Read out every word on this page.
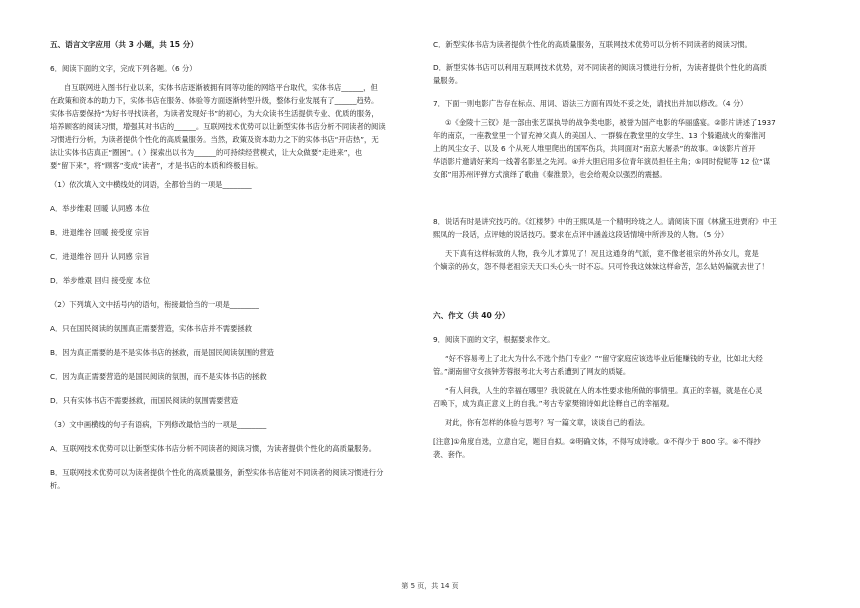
五、语言文字应用（共 3 小题，共 15 分）
6．阅读下面的文字，完成下列各题。（6 分）
自互联网进入图书行业以来，实体书店逐渐被拥有同等功能的网络平台取代，实体书店______，但
在政策和资本的助力下，实体书店在服务、体验等方面逐渐转型升级，整体行业发展有了______趋势。
实体书店要保持“为好书寻找读者，为读者发现好书”的初心，为大众读书生活提供专业、优质的服务，
培养顾客的阅读习惯，增强其对书店的______。互联网技术优势可以让新型实体书店分析不同读者的阅读
习惯进行分析，为读者提供个性化的高质量服务。当然，政策及资本助力之下的实体书店“开店热”，无
法让实体书店真正“圈困”。( ）探索出以书为______的可持续经营模式，让大众做要“走进来”，也
要“留下来”，将“顾客”变成“读者”，才是书店的本质和终极目标。
（1）依次填入文中横线处的词语，全都恰当的一项是________
A．举步维艰 回暖 认同感 本位
B．进退维谷 回暖 接受度 宗旨
C．进退维谷 回升 认同感 宗旨
D．举步维艰 回归 接受度 本位
（2）下列填入文中括号内的语句，衔接最恰当的一项是________
A．只在国民阅读的氛围真正需要营造，实体书店并不需要拯救
B．因为真正需要的是不是实体书店的拯救，而是国民阅读氛围的营造
C．因为真正需要营造的是国民阅读的氛围，而不是实体书店的拯救
D．只有实体书店不需要拯救，而国民阅读的氛围需要营造
（3）文中画横线的句子有语病，下列修改最恰当的一项是________
A．互联网技术优势可以让新型实体书店分析不同读者的阅读习惯，为读者提供个性化的高质量服务。
B．互联网技术优势可以为读者提供个性化的高质量服务，新型实体书店能对不同读者的阅读习惯进行分
析。
C．新型实体书店为读者提供个性化的高质量服务，互联网技术优势可以分析不同读者的阅读习惯。
D．新型实体书店可以利用互联网技术优势，对不同读者的阅读习惯进行分析，为读者提供个性化的高质
量服务。
7．下面一则电影广告存在标点、用词、语法三方面有四处不妥之处，请找出并加以修改。（4 分）
①《金陵十三钗》是一部由张艺谋执导的战争类电影，被誉为国产电影的华丽盛宴。②影片讲述了1937
年的南京，一座教堂里一个冒充神父真人的美国人、一群躲在教堂里的女学生、13 个躲避战火的秦淮河
上的风尘女子、以及 6 个从死人堆里爬出的国军伤兵，共同面对“南京大屠杀”的故事。③该影片首开
华语影片邀请好莱坞一线著名影星之先河。④并大胆启用多位青年演员担任主角；⑤同时倪妮等 12 位“谋
女郎”用苏州评弹方式演绎了歌曲《秦淮景》，也会给观众以强烈的震撼。
8．说话有时是讲究技巧的。《红楼梦》中的王熙凤是一个精明玲珑之人。请阅读下面《林黛玉进贾府》中王
熙凤的一段话，点评她的说话技巧。要求在点评中涵盖这段话情境中所涉及的人物。（5 分）
天下真有这样标致的人物，我今儿才算见了！况且这通身的气派，竟不像老祖宗的外孙女儿，竟是
个嫡亲的孙女，怨不得老祖宗天天口头心头一时不忘。只可怜我这妹妹这样命苦，怎么姑妈偏就去世了！
六、作文（共 40 分）
9．阅读下面的文字，根据要求作文。
“好不容易考上了北大为什么不选个热门专业？”“留守家庭应该选毕业后能赚钱的专业，比如北大经
管。”湖南留守女孩钟芳蓉报考北大考古系遭到了网友的质疑。
“有人问我，人生的幸福在哪里？我说就在人的本性要求他所做的事情里。真正的幸福，就是在心灵
召唤下，成为真正意义上的自我。”考古专家樊锦诗如此诠释自己的幸福观。
对此，你有怎样的体验与思考？写一篇文章，谈谈自己的看法。
[注意]①角度自选，立意自定，题目自拟。②明确文体，不得写成诗歌。③不得少于 800 字。④不得抄
袭、套作。
第 5 页，共 14 页
